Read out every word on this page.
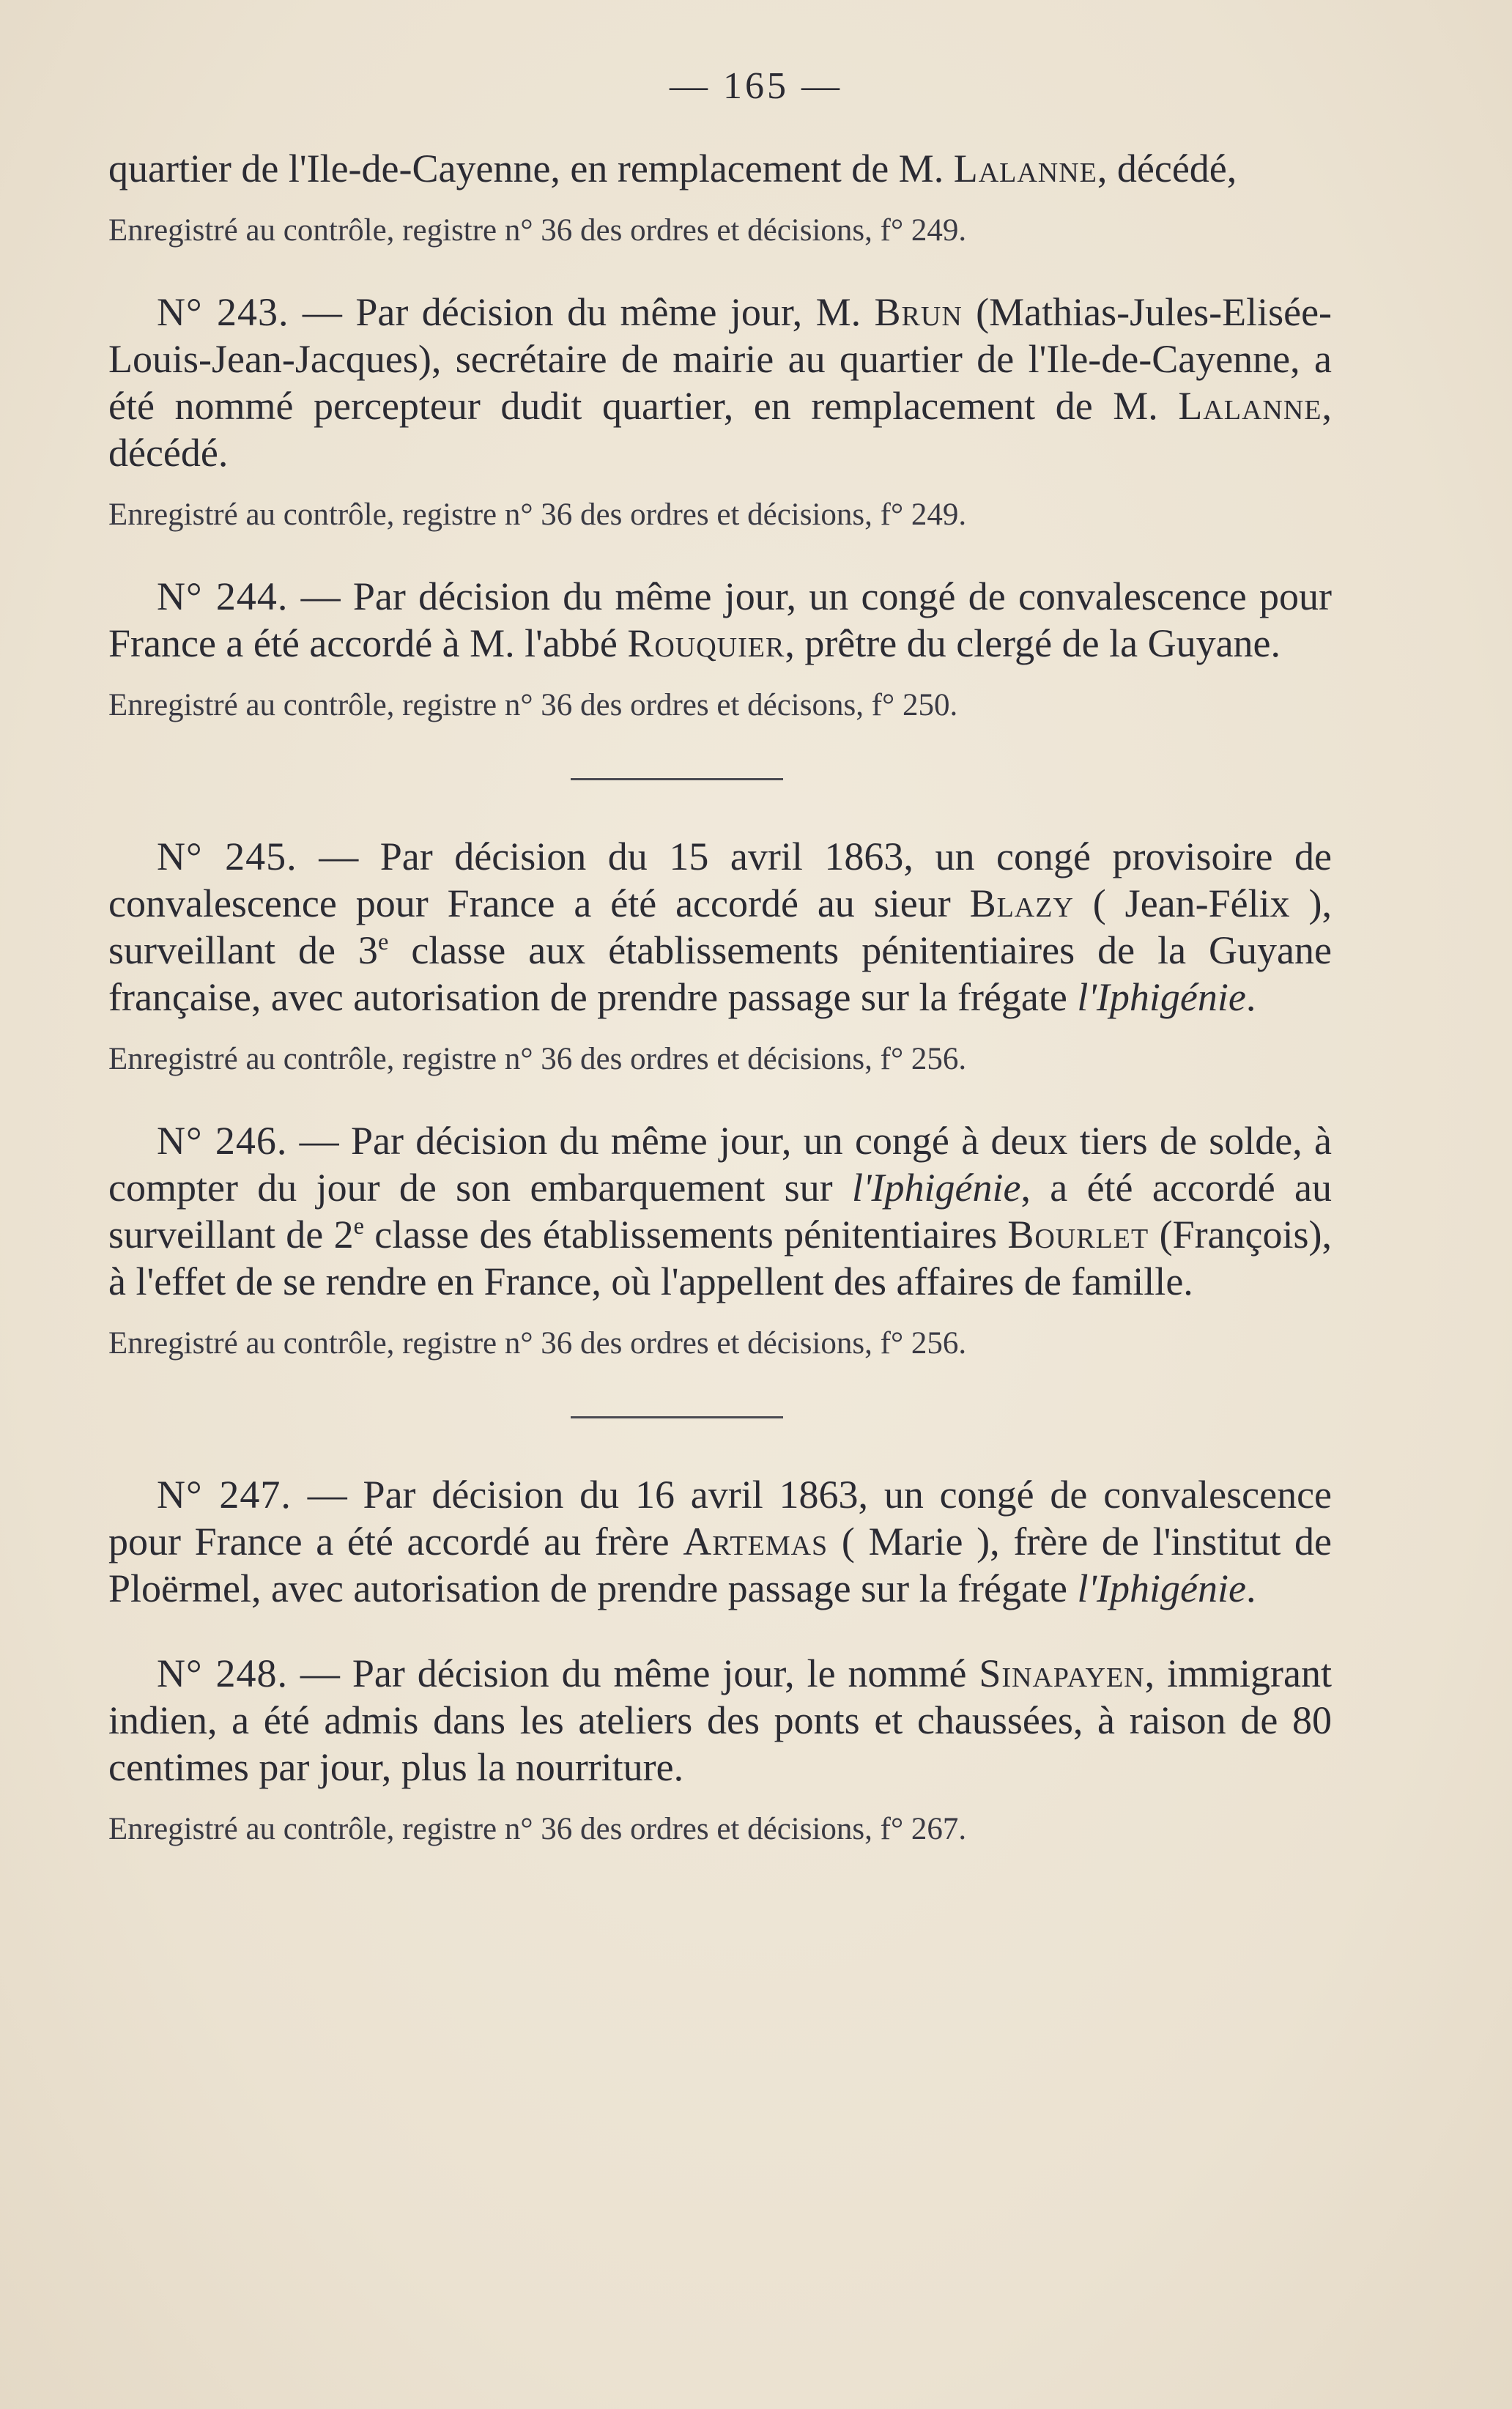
— 165 —

quartier de l'Ile-de-Cayenne, en remplacement de M. Lalanne, décédé,

Enregistré au contrôle, registre n° 36 des ordres et décisions, f° 249.

N° 243. — Par décision du même jour, M. Brun (Mathias-Jules-Elisée-Louis-Jean-Jacques), secrétaire de mairie au quartier de l'Ile-de-Cayenne, a été nommé percepteur dudit quartier, en remplacement de M. Lalanne, décédé.

Enregistré au contrôle, registre n° 36 des ordres et décisions, f° 249.

N° 244. — Par décision du même jour, un congé de convalescence pour France a été accordé à M. l'abbé Rouquier, prêtre du clergé de la Guyane.

Enregistré au contrôle, registre n° 36 des ordres et décisons, f° 250.

N° 245. — Par décision du 15 avril 1863, un congé provisoire de convalescence pour France a été accordé au sieur Blazy ( Jean-Félix ), surveillant de 3e classe aux établissements pénitentiaires de la Guyane française, avec autorisation de prendre passage sur la frégate l'Iphigénie.

Enregistré au contrôle, registre n° 36 des ordres et décisions, f° 256.

N° 246. — Par décision du même jour, un congé à deux tiers de solde, à compter du jour de son embarquement sur l'Iphigénie, a été accordé au surveillant de 2e classe des établissements pénitentiaires Bourlet (François), à l'effet de se rendre en France, où l'appellent des affaires de famille.

Enregistré au contrôle, registre n° 36 des ordres et décisions, f° 256.

N° 247. — Par décision du 16 avril 1863, un congé de convalescence pour France a été accordé au frère Artemas ( Marie ), frère de l'institut de Ploërmel, avec autorisation de prendre passage sur la frégate l'Iphigénie.

N° 248. — Par décision du même jour, le nommé Sinapayen, immigrant indien, a été admis dans les ateliers des ponts et chaussées, à raison de 80 centimes par jour, plus la nourriture.

Enregistré au contrôle, registre n° 36 des ordres et décisions, f° 267.
